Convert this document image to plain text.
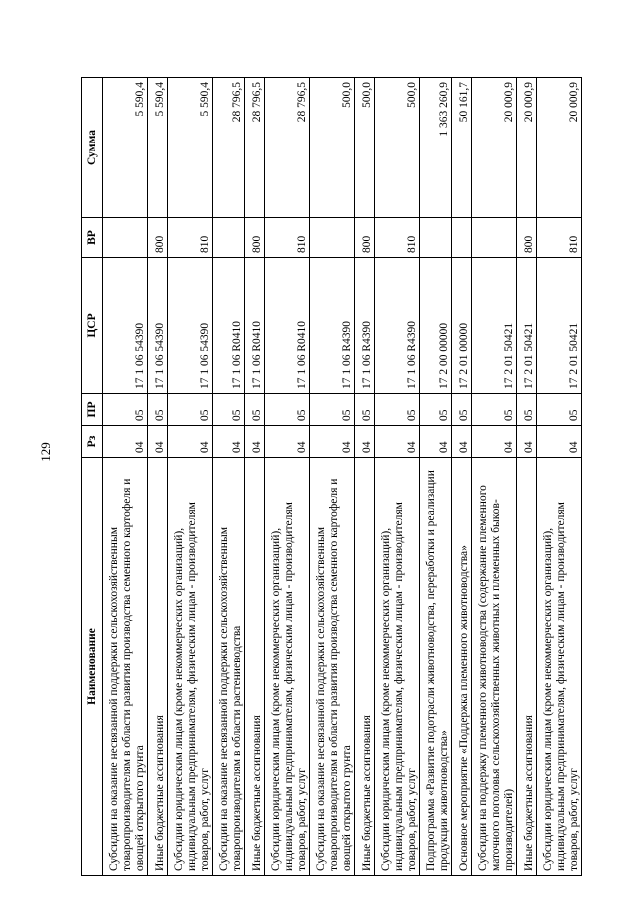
129
Наименование	Рз	ПР	ЦСР	ВР	Сумма
Субсидии на оказание несвязанной поддержки сельскохозяйственным товаропроизводителям в области развития производства семенного картофеля и овощей открытого грунта	04	05	17 1 06 54390		5 590,4
Иные бюджетные ассигнования	04	05	17 1 06 54390	800	5 590,4
Субсидии юридическим лицам (кроме некоммерческих организаций), индивидуальным предпринимателям, физическим лицам - производителям товаров, работ, услуг	04	05	17 1 06 54390	810	5 590,4
Субсидии на оказание несвязанной поддержки сельскохозяйственным товаропроизводителям в области растениеводства	04	05	17 1 06 R0410		28 796,5
Иные бюджетные ассигнования	04	05	17 1 06 R0410	800	28 796,5
Субсидии юридическим лицам (кроме некоммерческих организаций), индивидуальным предпринимателям, физическим лицам - производителям товаров, работ, услуг	04	05	17 1 06 R0410	810	28 796,5
Субсидии на оказание несвязанной поддержки сельскохозяйственным товаропроизводителям в области развития производства семенного картофеля и овощей открытого грунта	04	05	17 1 06 R4390		500,0
Иные бюджетные ассигнования	04	05	17 1 06 R4390	800	500,0
Субсидии юридическим лицам (кроме некоммерческих организаций), индивидуальным предпринимателям, физическим лицам - производителям товаров, работ, услуг	04	05	17 1 06 R4390	810	500,0
Подпрограмма «Развитие подотрасли животноводства, переработки и реализации продукции животноводства»	04	05	17 2 00 00000		1 363 260,9
Основное мероприятие «Поддержка племенного животноводства»	04	05	17 2 01 00000		50 161,7
Субсидии на поддержку племенного животноводства (содержание племенного маточного поголовья сельскохозяйственных животных и племенных быков-производителей)	04	05	17 2 01 50421		20 000,9
Иные бюджетные ассигнования	04	05	17 2 01 50421	800	20 000,9
Субсидии юридическим лицам (кроме некоммерческих организаций), индивидуальным предпринимателям, физическим лицам - производителям товаров, работ, услуг	04	05	17 2 01 50421	810	20 000,9
